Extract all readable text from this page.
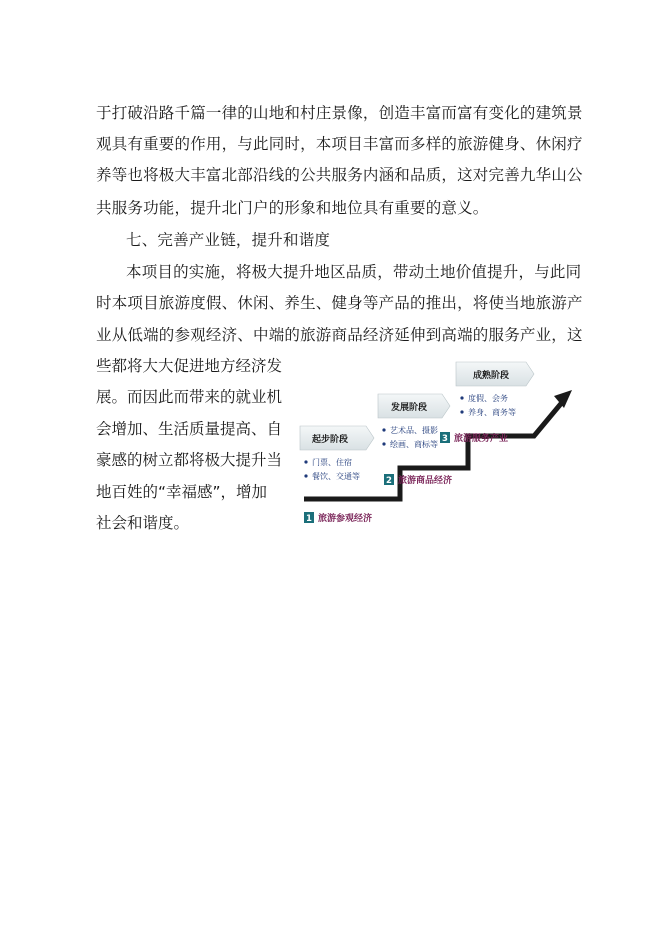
于打破沿路千篇一律的山地和村庄景像，创造丰富而富有变化的建筑景
观具有重要的作用，与此同时，本项目丰富而多样的旅游健身、休闲疗
养等也将极大丰富北部沿线的公共服务内涵和品质，这对完善九华山公
共服务功能，提升北门户的形象和地位具有重要的意义。
七、完善产业链，提升和谐度
本项目的实施，将极大提升地区品质，带动土地价值提升，与此同
时本项目旅游度假、休闲、养生、健身等产品的推出，将使当地旅游产
业从低端的参观经济、中端的旅游商品经济延伸到高端的服务产业，这
些都将大大促进地方经济发
展。而因此而带来的就业机
会增加、生活质量提高、自
豪感的树立都将极大提升当
地百姓的“幸福感”，增加
社会和谐度。
起步阶段
发展阶段
成熟阶段
门票、住宿
餐饮、交通等
艺术品、摄影
绘画、商标等
度假、会务
养身、商务等
1 旅游参观经济
2 旅游商品经济
3 旅游服务产业
